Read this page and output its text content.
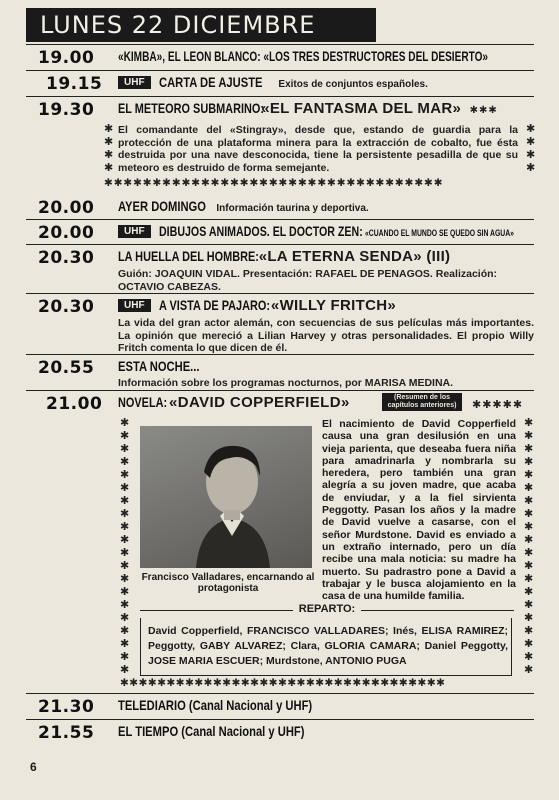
LUNES 22 DICIEMBRE
19.00 «KIMBA», EL LEON BLANCO: «LOS TRES DESTRUCTORES DEL DESIERTO»
19.15	UHF CARTA DE AJUSTE Exitos de conjuntos españoles.
19.30 EL METEORO SUBMARINO:«EL FANTASMA DEL MAR» ✱✱✱
✱
✱
✱
✱
✱
✱
✱
✱
El comandante del «Stingray», desde que, estando de guardia para la protección de una plataforma minera para la extracción de cobalto, fue ésta destruida por una nave desconocida, tiene la persistente pesadilla de que su meteoro es destruido de forma semejante.
✱✱✱✱✱✱✱✱✱✱✱✱✱✱✱✱✱✱✱✱✱✱✱✱✱✱✱✱✱✱✱✱✱✱✱
20.00 AYER DOMINGO Información taurina y deportiva.
20.00	UHF DIBUJOS ANIMADOS. EL DOCTOR ZEN: «CUANDO EL MUNDO SE QUEDO SIN AGUA»
20.30 LA HUELLA DEL HOMBRE:«LA ETERNA SENDA» (III)
Guión: JOAQUIN VIDAL. Presentación: RAFAEL DE PENAGOS. Realización: OCTAVIO CABEZAS.
20.30	UHF A VISTA DE PAJARO:«WILLY FRITCH»
La vida del gran actor alemán, con secuencias de sus películas más importantes. La opinión que mereció a Lilian Harvey y otras personalidades. El propio Willy Fritch comenta lo que dicen de él.
20.55 ESTA NOCHE...
Información sobre los programas nocturnos, por MARISA MEDINA.
21.00 NOVELA:«DAVID COPPERFIELD»	(Resumen de los capítulos anteriores)	✱✱✱✱✱
✱
✱
✱
✱
✱
✱
✱
✱
✱
✱
✱
✱
✱
✱
✱
✱
✱
✱
✱
✱
✱
✱
✱
✱
✱
✱
✱
✱
✱
✱
✱
✱
✱
✱
✱
✱
✱
✱
✱
✱
Francisco Valladares, encarnando al protagonista
El nacimiento de David Copperfield causa una gran desilusión en una vieja parienta, que deseaba fuera niña para amadrinarla y nombrarla su heredera, pero también una gran alegría a su joven madre, que acaba de enviudar, y a la fiel sirvienta Peggotty. Pasan los años y la madre de David vuelve a casarse, con el señor Murdstone. David es enviado a un extraño internado, pero un día recibe una mala noticia: su madre ha muerto. Su padrastro pone a David a trabajar y le busca alojamiento en la casa de una humilde familia.
REPARTO:
David Copperfield, FRANCISCO VALLADARES; Inés, ELISA RAMIREZ; Peggotty, GABY ALVAREZ; Clara, GLORIA CAMARA; Daniel Peggotty, JOSE MARIA ESCUER; Murdstone, ANTONIO PUGA
✱✱✱✱✱✱✱✱✱✱✱✱✱✱✱✱✱✱✱✱✱✱✱✱✱✱✱✱✱✱✱✱✱✱✱
21.30 TELEDIARIO (Canal Nacional y UHF)
21.55 EL TIEMPO (Canal Nacional y UHF)
6
